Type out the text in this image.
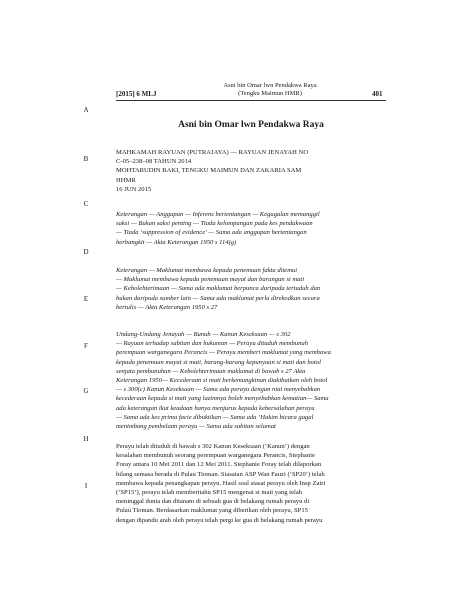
[2015] 6 MLJ
Asni bin Omar lwn Pendakwa Raya
(Tengku Maimun HMR)	401
A
B
C
D
E
F
G
H
I
Asni bin Omar lwn Pendakwa Raya
MAHKAMAH RAYUAN (PUTRAJAYA) — RAYUAN JENAYAH NO
C-05–238–08 TAHUN 2014
MOHTARUDIN BAKI, TENGKU MAIMUN DAN ZAKARIA SAM
HHMR
16 JUN 2015
Keterangan — Anggapan — Inferens bertentangan — Kegagalan memanggil
saksi — Bukan saksi penting — Tiada kelompangan pada kes pendakwaan
— Tiada ‘suppression of evidence’ — Sama ada anggapan bertentangan
berbangkit — Akta Keterangan 1950 s 114(g)
Keterangan — Maklumat membawa kepada penemuan fakta ditemui
— Maklumat membawa kepada penemuan mayat dan barangan si mati
— Kebolehterimaan — Sama ada maklumat berpunca daripada tertuduh dan
bukan daripada sumber lain — Sama ada maklumat perlu direkodkan secara
bertulis — Akta Keterangan 1950 s 27
Undang-Undang Jenayah — Bunuh — Kanun Keseksaan — s 302
— Rayuan terhadap sabitan dan hukuman — Perayu dituduh membunuh
perempuan warganegara Perancis — Perayu memberi maklumat yang membawa
kepada penemuan mayat si mati, barang-barang kepunyaan si mati dan botol
senjata pembunuhan — Kebolehterimaan maklumat di bawah s 27 Akta
Keterangan 1950— Kecederaan si mati berkemungkinan diakibatkan oleh botol
— s 300(c) Kanun Keseksaan — Sama ada perayu dengan niat menyebabkan
kecederaan kepada si mati yang lazimnya boleh menyebabkan kematian— Sama
ada keterangan ikut keadaan hanya menjurus kepada kebersalahan perayu
— Sama ada kes prima facie dibuktikan — Sama ada ‘Hakim bicara gagal
menimbang pembelaan perayu — Sama ada sabitan selamat
Perayu telah dituduh di bawah s 302 Kanun Keseksaan (‘Kanun’) dengan
kesalahan membunuh seorang perempuan warganegara Perancis, Stephanie
Foray antara 10 Mei 2011 dan 12 Mei 2011. Stephanie Foray telah dilaporkan
hilang semasa berada di Pulau Tioman. Siasatan ASP Wan Fauzi (‘SP20’) telah
membawa kepada penangkapan perayu. Hasil soal siasat perayu oleh Insp Zairi
(‘SP15’), perayu telah memberitahu SP15 mengenai si mati yang telah
meninggal dunia dan ditanam di sebuah gua di belakang rumah perayu di
Pulau Tioman. Berdasarkan maklumat yang diberikan oleh perayu, SP15
dengan dipandu arah oleh perayu telah pergi ke gua di belakang rumah perayu
